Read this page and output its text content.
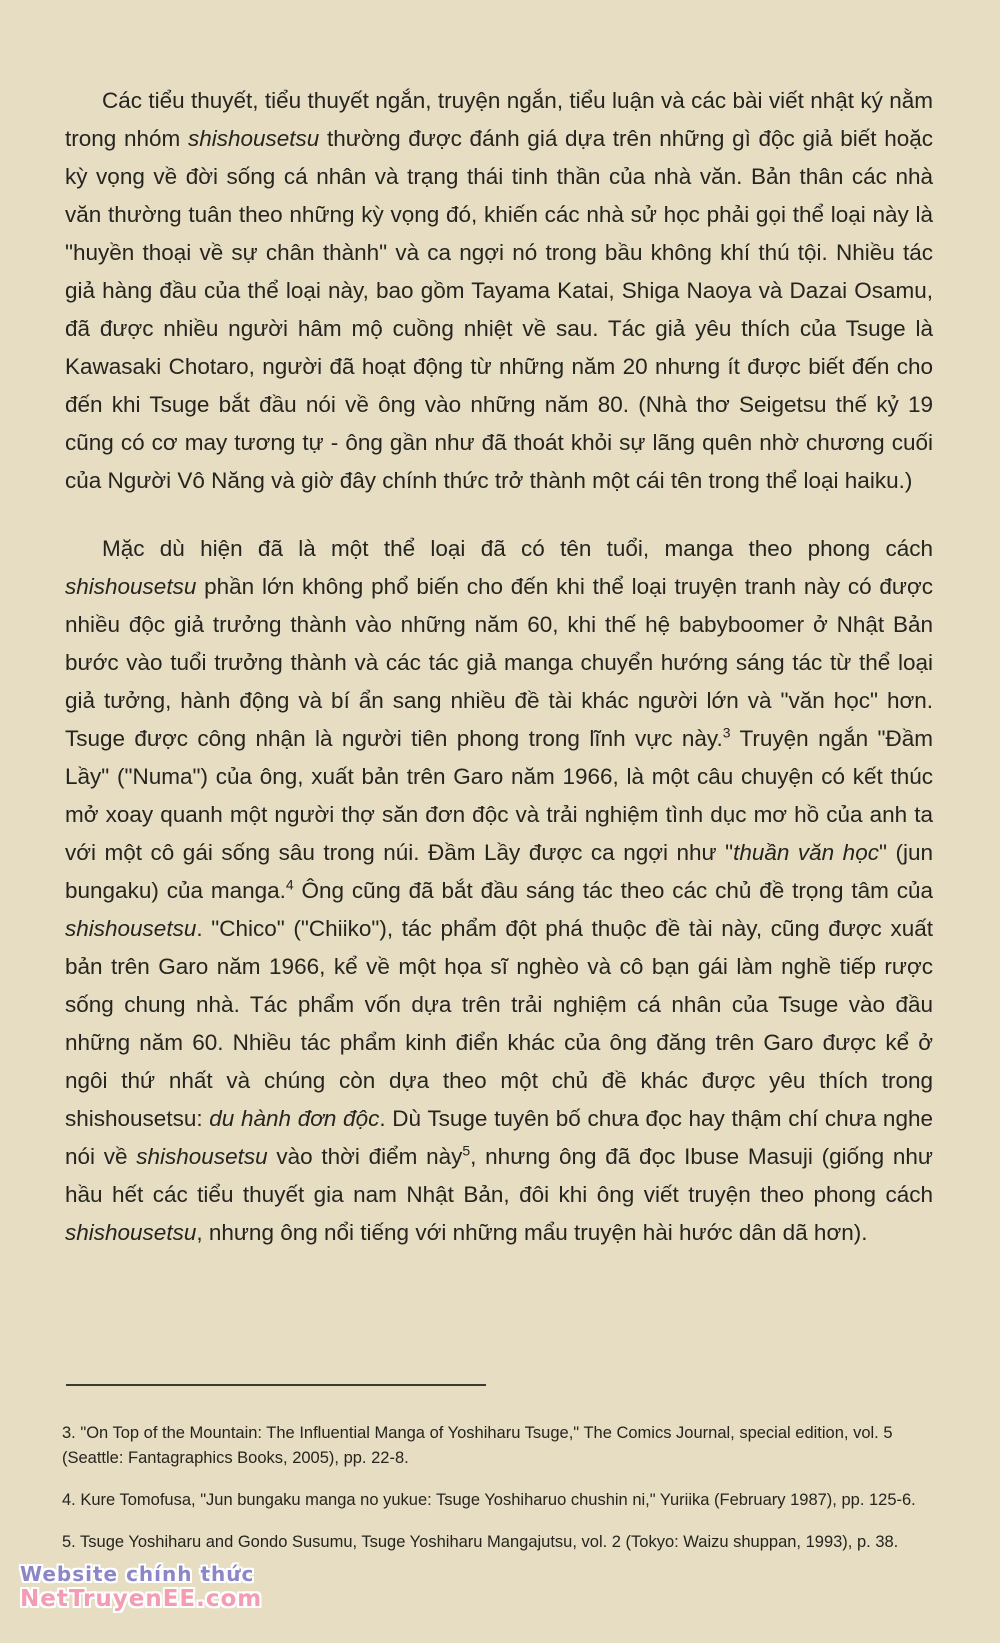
Các tiểu thuyết, tiểu thuyết ngắn, truyện ngắn, tiểu luận và các bài viết nhật ký nằm trong nhóm shishousetsu thường được đánh giá dựa trên những gì độc giả biết hoặc kỳ vọng về đời sống cá nhân và trạng thái tinh thần của nhà văn. Bản thân các nhà văn thường tuân theo những kỳ vọng đó, khiến các nhà sử học phải gọi thể loại này là "huyền thoại về sự chân thành" và ca ngợi nó trong bầu không khí thú tội. Nhiều tác giả hàng đầu của thể loại này, bao gồm Tayama Katai, Shiga Naoya và Dazai Osamu, đã được nhiều người hâm mộ cuồng nhiệt về sau. Tác giả yêu thích của Tsuge là Kawasaki Chotaro, người đã hoạt động từ những năm 20 nhưng ít được biết đến cho đến khi Tsuge bắt đầu nói về ông vào những năm 80. (Nhà thơ Seigetsu thế kỷ 19 cũng có cơ may tương tự - ông gần như đã thoát khỏi sự lãng quên nhờ chương cuối của Người Vô Năng và giờ đây chính thức trở thành một cái tên trong thể loại haiku.)

Mặc dù hiện đã là một thể loại đã có tên tuổi, manga theo phong cách shishousetsu phần lớn không phổ biến cho đến khi thể loại truyện tranh này có được nhiều độc giả trưởng thành vào những năm 60, khi thế hệ babyboomer ở Nhật Bản bước vào tuổi trưởng thành và các tác giả manga chuyển hướng sáng tác từ thể loại giả tưởng, hành động và bí ẩn sang nhiều đề tài khác người lớn và "văn học" hơn. Tsuge được công nhận là người tiên phong trong lĩnh vực này.$^3$ Truyện ngắn "Đầm Lầy" ("Numa") của ông, xuất bản trên Garo năm 1966, là một câu chuyện có kết thúc mở xoay quanh một người thợ săn đơn độc và trải nghiệm tình dục mơ hồ của anh ta với một cô gái sống sâu trong núi. Đầm Lầy được ca ngợi như "thuần văn học" (jun bungaku) của manga.$^4$ Ông cũng đã bắt đầu sáng tác theo các chủ đề trọng tâm của shishousetsu. "Chico" ("Chiiko"), tác phẩm đột phá thuộc đề tài này, cũng được xuất bản trên Garo năm 1966, kể về một họa sĩ nghèo và cô bạn gái làm nghề tiếp rược sống chung nhà. Tác phẩm vốn dựa trên trải nghiệm cá nhân của Tsuge vào đầu những năm 60. Nhiều tác phẩm kinh điển khác của ông đăng trên Garo được kể ở ngôi thứ nhất và chúng còn dựa theo một chủ đề khác được yêu thích trong shishousetsu: du hành đơn độc. Dù Tsuge tuyên bố chưa đọc hay thậm chí chưa nghe nói về shishousetsu vào thời điểm này$^5$, nhưng ông đã đọc Ibuse Masuji (giống như hầu hết các tiểu thuyết gia nam Nhật Bản, đôi khi ông viết truyện theo phong cách shishousetsu, nhưng ông nổi tiếng với những mẩu truyện hài hước dân dã hơn).

3. "On Top of the Mountain: The Influential Manga of Yoshiharu Tsuge," The Comics Journal, special edition, vol. 5 (Seattle: Fantagraphics Books, 2005), pp. 22-8.

4. Kure Tomofusa, "Jun bungaku manga no yukue: Tsuge Yoshiharuo chushin ni," Yuriika (February 1987), pp. 125-6.

5. Tsuge Yoshiharu and Gondo Susumu, Tsuge Yoshiharu Mangajutsu, vol. 2 (Tokyo: Waizu shuppan, 1993), p. 38.

Website chính thức
NetTruyenEE.com
